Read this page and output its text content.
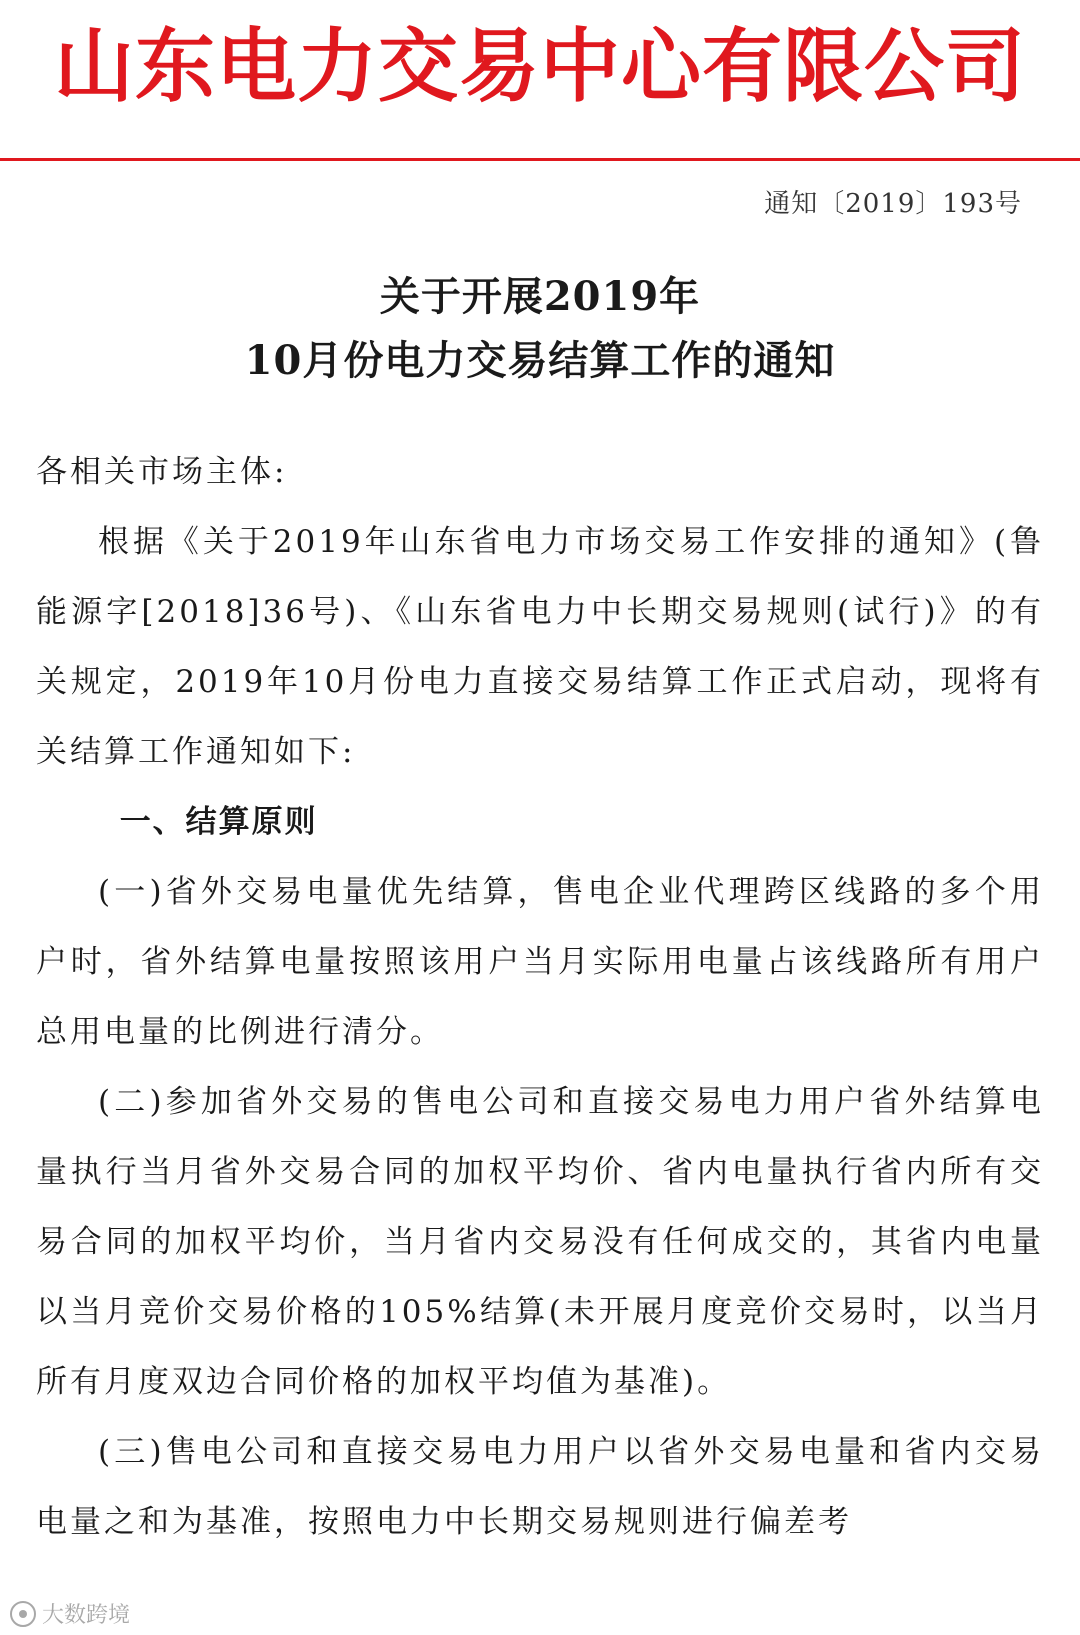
山东电力交易中心有限公司
通知〔2019〕193号
关于开展2019年
10月份电力交易结算工作的通知

各相关市场主体:

根据《关于2019年山东省电力市场交易工作安排的通知》(鲁能源字[2018]36号)、《山东省电力中长期交易规则(试行)》的有关规定，2019年10月份电力直接交易结算工作正式启动，现将有关结算工作通知如下:

一、结算原则

(一)省外交易电量优先结算，售电企业代理跨区线路的多个用户时，省外结算电量按照该用户当月实际用电量占该线路所有用户总用电量的比例进行清分。

(二)参加省外交易的售电公司和直接交易电力用户省外结算电量执行当月省外交易合同的加权平均价、省内电量执行省内所有交易合同的加权平均价，当月省内交易没有任何成交的，其省内电量以当月竞价交易价格的105%结算(未开展月度竞价交易时，以当月所有月度双边合同价格的加权平均值为基准)。

(三)售电公司和直接交易电力用户以省外交易电量和省内交易电量之和为基准，按照电力中长期交易规则进行偏差考

大数跨境
